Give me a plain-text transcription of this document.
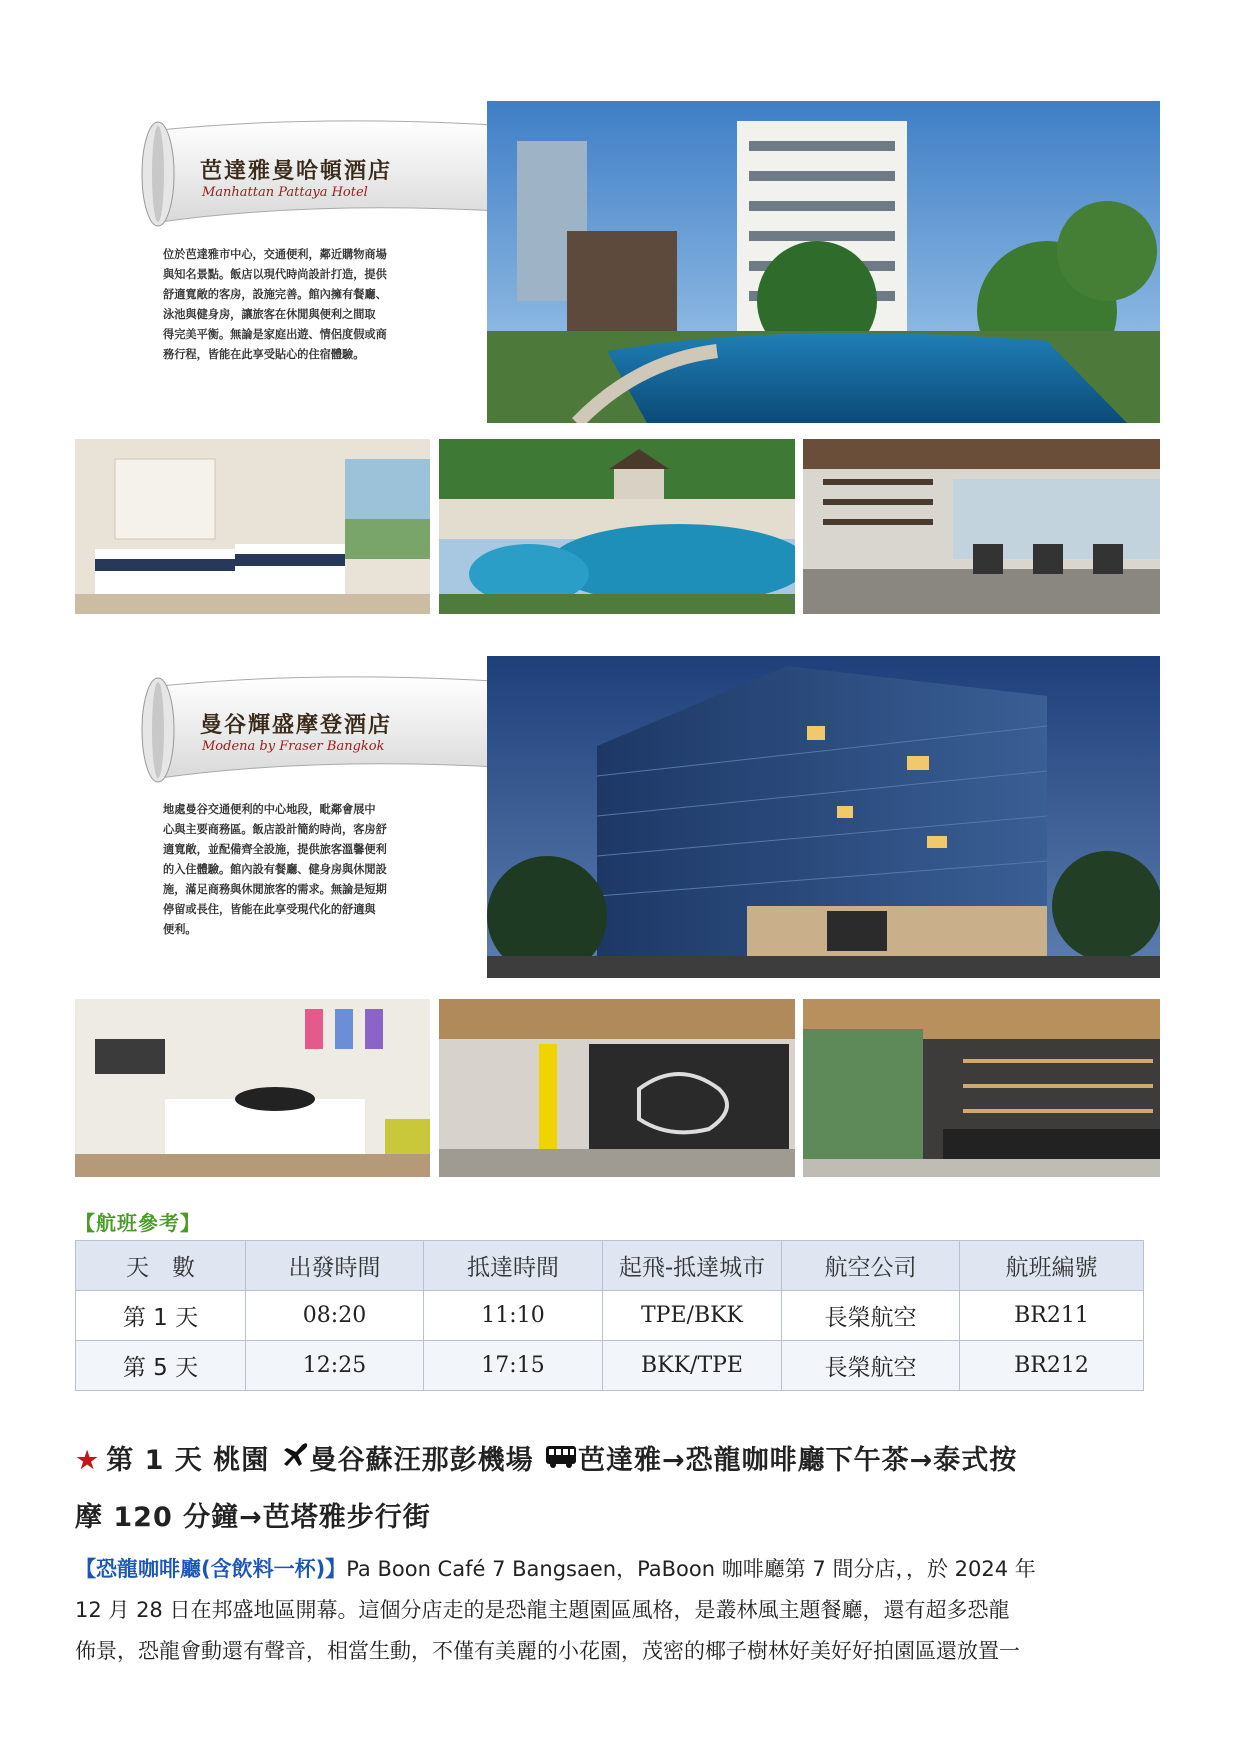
芭達雅曼哈頓酒店
Manhattan Pattaya Hotel
位於芭達雅市中心，交通便利，鄰近購物商場
與知名景點。飯店以現代時尚設計打造，提供
舒適寬敞的客房，設施完善。館內擁有餐廳、
泳池與健身房，讓旅客在休閒與便利之間取
得完美平衡。無論是家庭出遊、情侶度假或商
務行程，皆能在此享受貼心的住宿體驗。
曼谷輝盛摩登酒店
Modena by Fraser Bangkok
地處曼谷交通便利的中心地段，毗鄰會展中
心與主要商務區。飯店設計簡約時尚，客房舒
適寬敞，並配備齊全設施，提供旅客溫馨便利
的入住體驗。館內設有餐廳、健身房與休閒設
施，滿足商務與休閒旅客的需求。無論是短期
停留或長住，皆能在此享受現代化的舒適與
便利。
【航班參考】
天　數	出發時間	抵達時間	起飛-抵達城市	航空公司	航班編號
第 1 天	08:20	11:10	TPE/BKK	長榮航空	BR211
第 5 天	12:25	17:15	BKK/TPE	長榮航空	BR212
★ 第 1 天 桃園 曼谷蘇汪那彭機場 芭達雅→恐龍咖啡廳下午茶→泰式按
摩 120 分鐘→芭塔雅步行街
【恐龍咖啡廳(含飲料一杯)】Pa Boon Café 7 Bangsaen，PaBoon 咖啡廳第 7 間分店，，於 2024 年
12 月 28 日在邦盛地區開幕。這個分店走的是恐龍主題園區風格，是叢林風主題餐廳，還有超多恐龍
佈景，恐龍會動還有聲音，相當生動，不僅有美麗的小花園，茂密的椰子樹林好美好好拍園區還放置一
